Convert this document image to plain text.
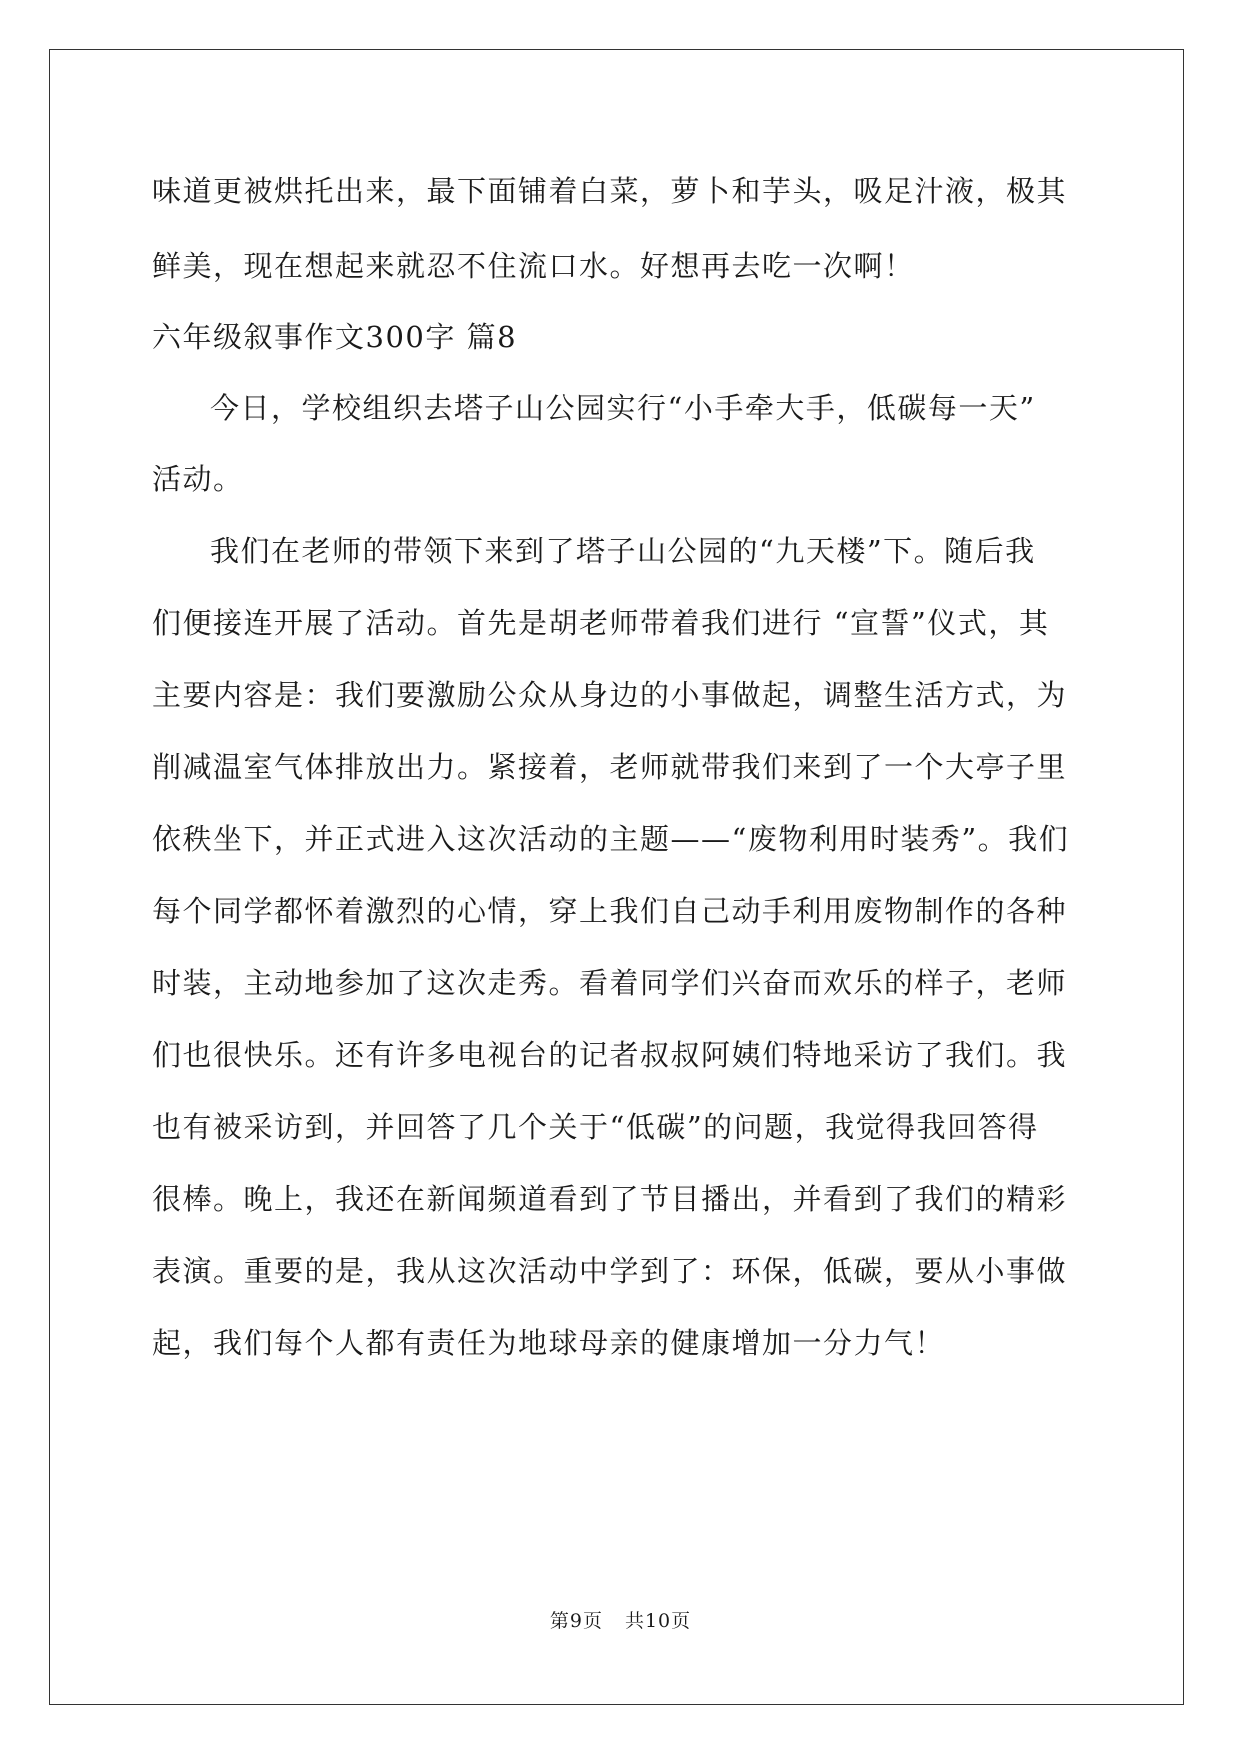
味道更被烘托出来，最下面铺着白菜，萝卜和芋头，吸足汁液，极其
鲜美，现在想起来就忍不住流口水。好想再去吃一次啊！
六年级叙事作文300字 篇8
今日，学校组织去塔子山公园实行“小手牵大手，低碳每一天”
活动。
我们在老师的带领下来到了塔子山公园的“九天楼”下。随后我
们便接连开展了活动。首先是胡老师带着我们进行 “宣誓”仪式，其
主要内容是：我们要激励公众从身边的小事做起，调整生活方式，为
削减温室气体排放出力。紧接着，老师就带我们来到了一个大亭子里
依秩坐下，并正式进入这次活动的主题——“废物利用时装秀”。我们
每个同学都怀着激烈的心情，穿上我们自己动手利用废物制作的各种
时装，主动地参加了这次走秀。看着同学们兴奋而欢乐的样子，老师
们也很快乐。还有许多电视台的记者叔叔阿姨们特地采访了我们。我
也有被采访到，并回答了几个关于“低碳”的问题，我觉得我回答得
很棒。晚上，我还在新闻频道看到了节目播出，并看到了我们的精彩
表演。重要的是，我从这次活动中学到了：环保，低碳，要从小事做
起，我们每个人都有责任为地球母亲的健康增加一分力气！
第9页 共10页
